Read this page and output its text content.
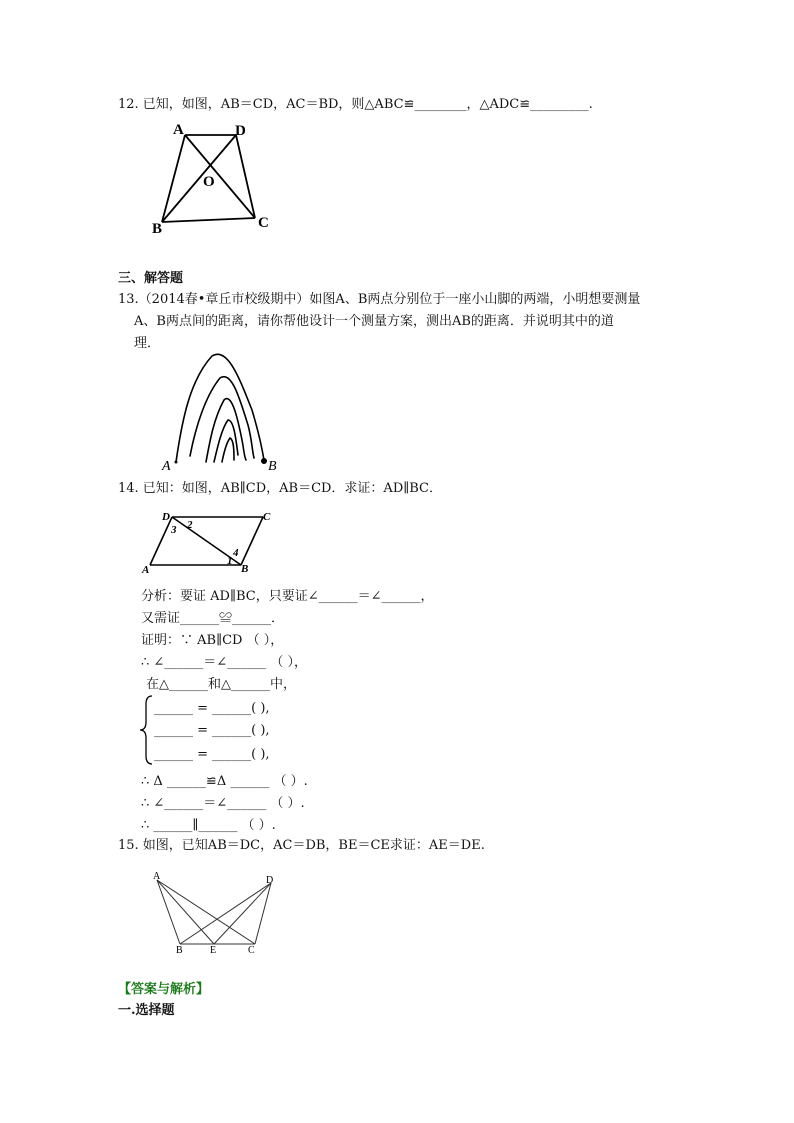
12. 已知，如图，AB＝CD，AC＝BD，则△ABC≌________，△ADC≌_________.
A	D
O
B	C
三、解答题
13.（2014春•章丘市校级期中）如图A、B两点分别位于一座小山脚的两端，小明想要测量
A、B两点间的距离，请你帮他设计一个测量方案，测出AB的距离．并说明其中的道
理．
A	B
14. 已知：如图，AB∥CD，AB＝CD．求证：AD∥BC．
D	C
A	B
1
2
3
4
分析：要证 AD∥BC，只要证∠______＝∠______，
又需证______≌______．
证明：∵ AB∥CD （ ），
∴ ∠______＝∠______ （ ），
在△______和△______中，
______ = ______( ),
______ = ______( ),
______ = ______( ),
∴ Δ ______≌Δ ______ （ ）.
∴ ∠______＝∠______ （ ）.
∴ ______∥______ （ ）.
15. 如图，已知AB＝DC，AC＝DB，BE＝CE求证：AE＝DE.
A	D
B	E	C
【答案与解析】
一.选择题
